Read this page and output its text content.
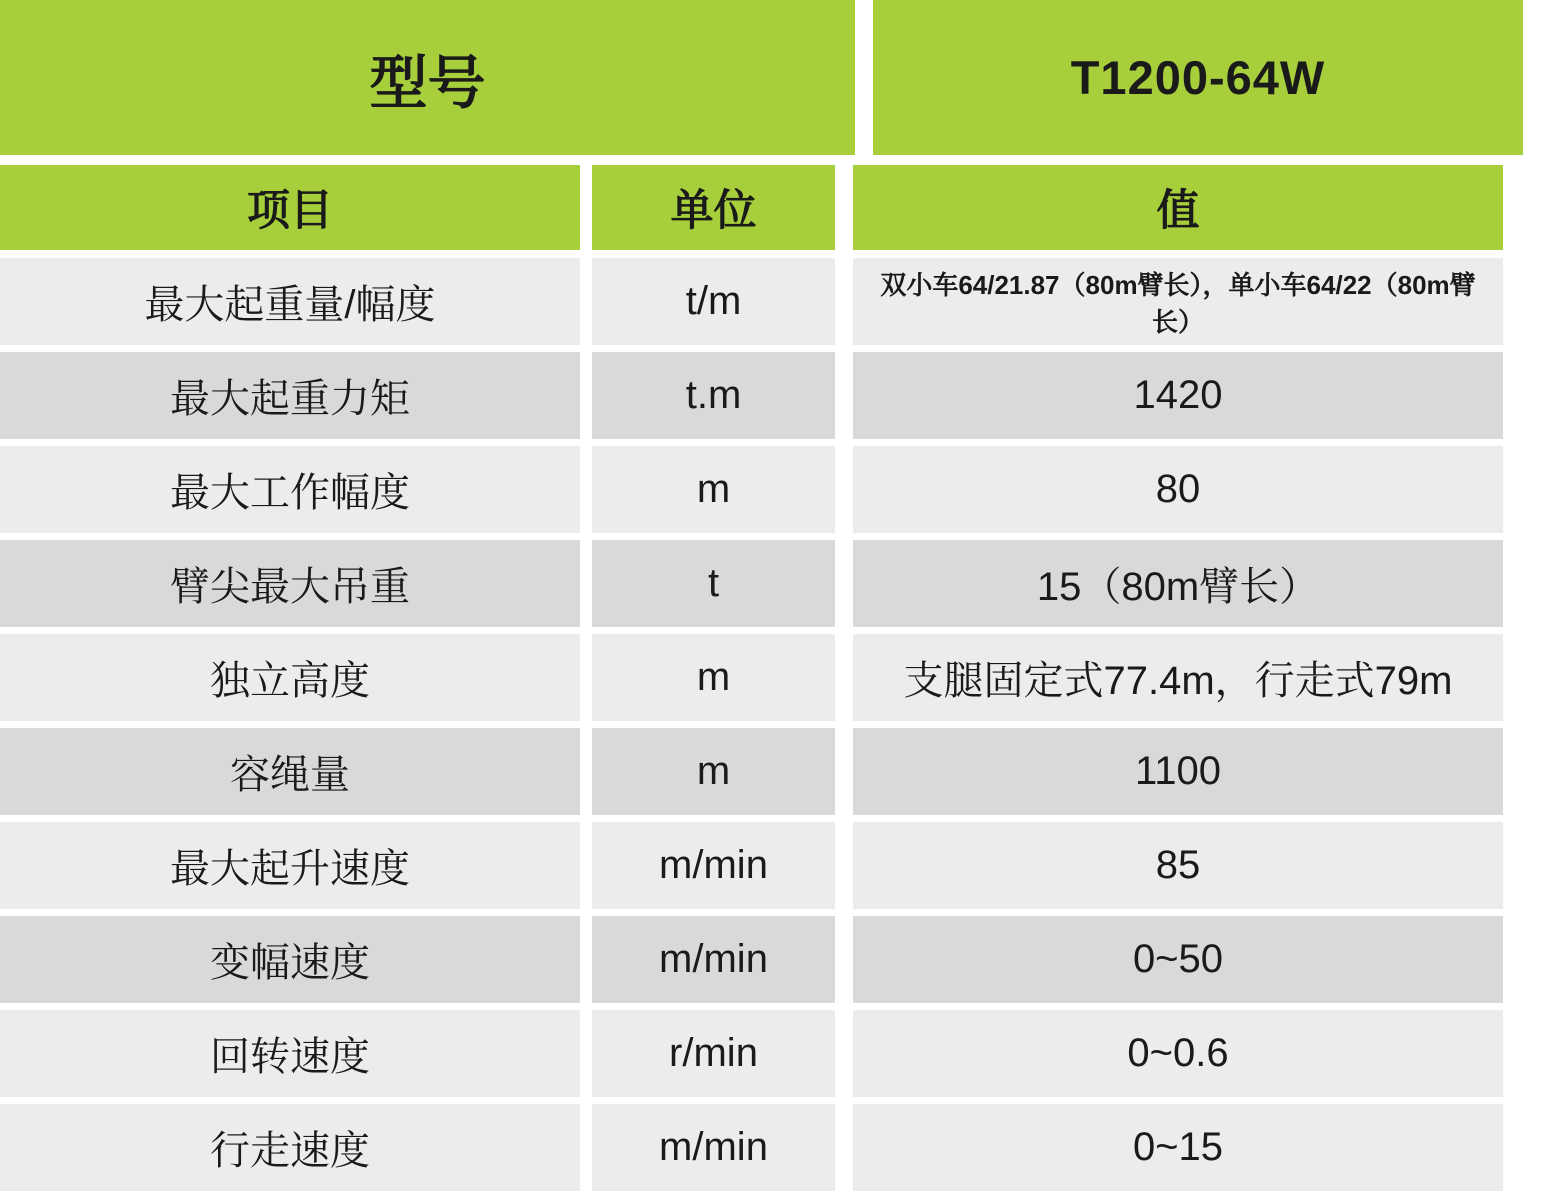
型号	T1200-64W
项目	单位	值
最大起重量/幅度	t/m	双小车64/21.87（80m臂长），单小车64/22（80m臂长）
最大起重力矩	t.m	1420
最大工作幅度	m	80
臂尖最大吊重	t	15（80m臂长）
独立高度	m	支腿固定式77.4m，行走式79m
容绳量	m	1100
最大起升速度	m/min	85
变幅速度	m/min	0~50
回转速度	r/min	0~0.6
行走速度	m/min	0~15
